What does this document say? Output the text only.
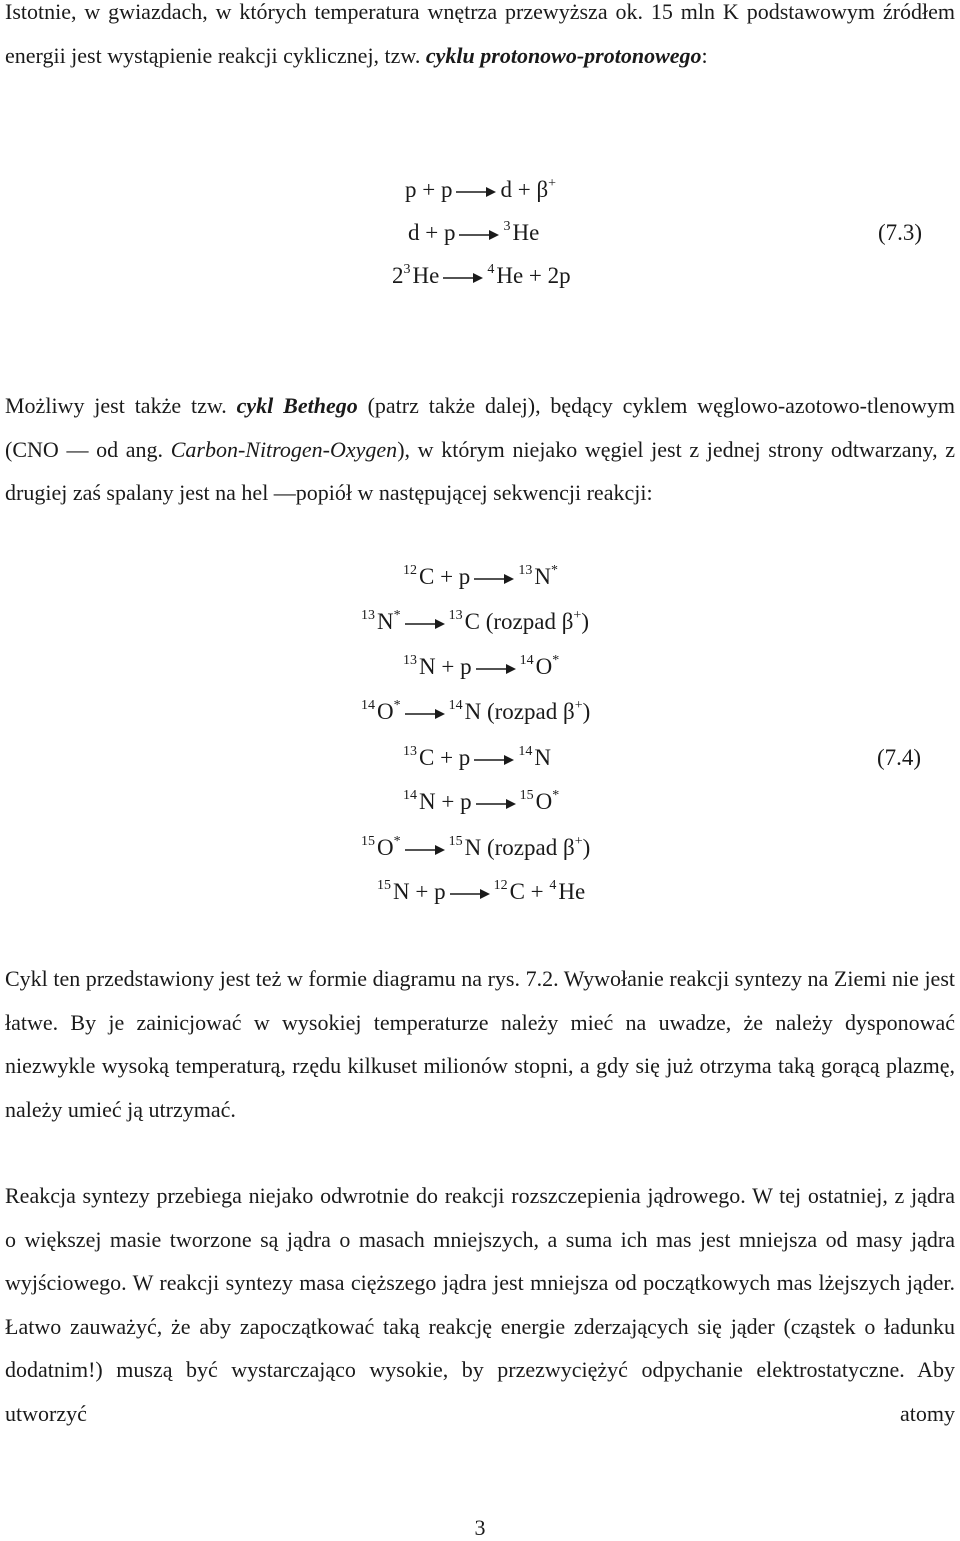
Istotnie, w gwiazdach, w których temperatura wnętrza przewyższa ok. 15 mln K podstawowym źródłem energii jest wystąpienie reakcji cyklicznej, tzw. cyklu protonowo-protonowego:

p + p d + β+
d + p	$^3$He	(7.3)
$2^3He$	$^4$He + 2p

Możliwy jest także tzw. cykl Bethego (patrz także dalej), będący cyklem węglowo-azotowo-tlenowym (CNO — od ang. Carbon-Nitrogen-Oxygen), w którym niejako węgiel jest z jednej strony odtwarzany, z drugiej zaś spalany jest na hel —popiół w następującej sekwencji reakcji:

$^{12}$C + p	$^{13}$N*
$^{13}$N*	$^{13}$C (rozpad β+)
$^{13}$N + p	$^{14}$O*
$^{14}$O*	$^{14}$N (rozpad β+)
$^{13}$C + p	$^{14}$N	(7.4)
$^{14}$N + p	$^{15}$O*
$^{15}$O*	$^{15}$N (rozpad β+)
$^{15}$N + p	$^{12}$C + $^4$He

Cykl ten przedstawiony jest też w formie diagramu na rys. 7.2. Wywołanie reakcji syntezy na Ziemi nie jest łatwe. By je zainicjować w wysokiej temperaturze należy mieć na uwadze, że należy dysponować niezwykle wysoką temperaturą, rzędu kilkuset milionów stopni, a gdy się już otrzyma taką gorącą plazmę, należy umieć ją utrzymać.

Reakcja syntezy przebiega niejako odwrotnie do reakcji rozszczepienia jądrowego. W tej ostatniej, z jądra o większej masie tworzone są jądra o masach mniejszych, a suma ich mas jest mniejsza od masy jądra wyjściowego. W reakcji syntezy masa cięższego jądra jest mniejsza od początkowych mas lżejszych jąder. Łatwo zauważyć, że aby zapoczątkować taką reakcję energie zderzających się jąder (cząstek o ładunku dodatnim!) muszą być wystarczająco wysokie, by przezwyciężyć odpychanie elektrostatyczne. Aby utworzyć atomy

3
